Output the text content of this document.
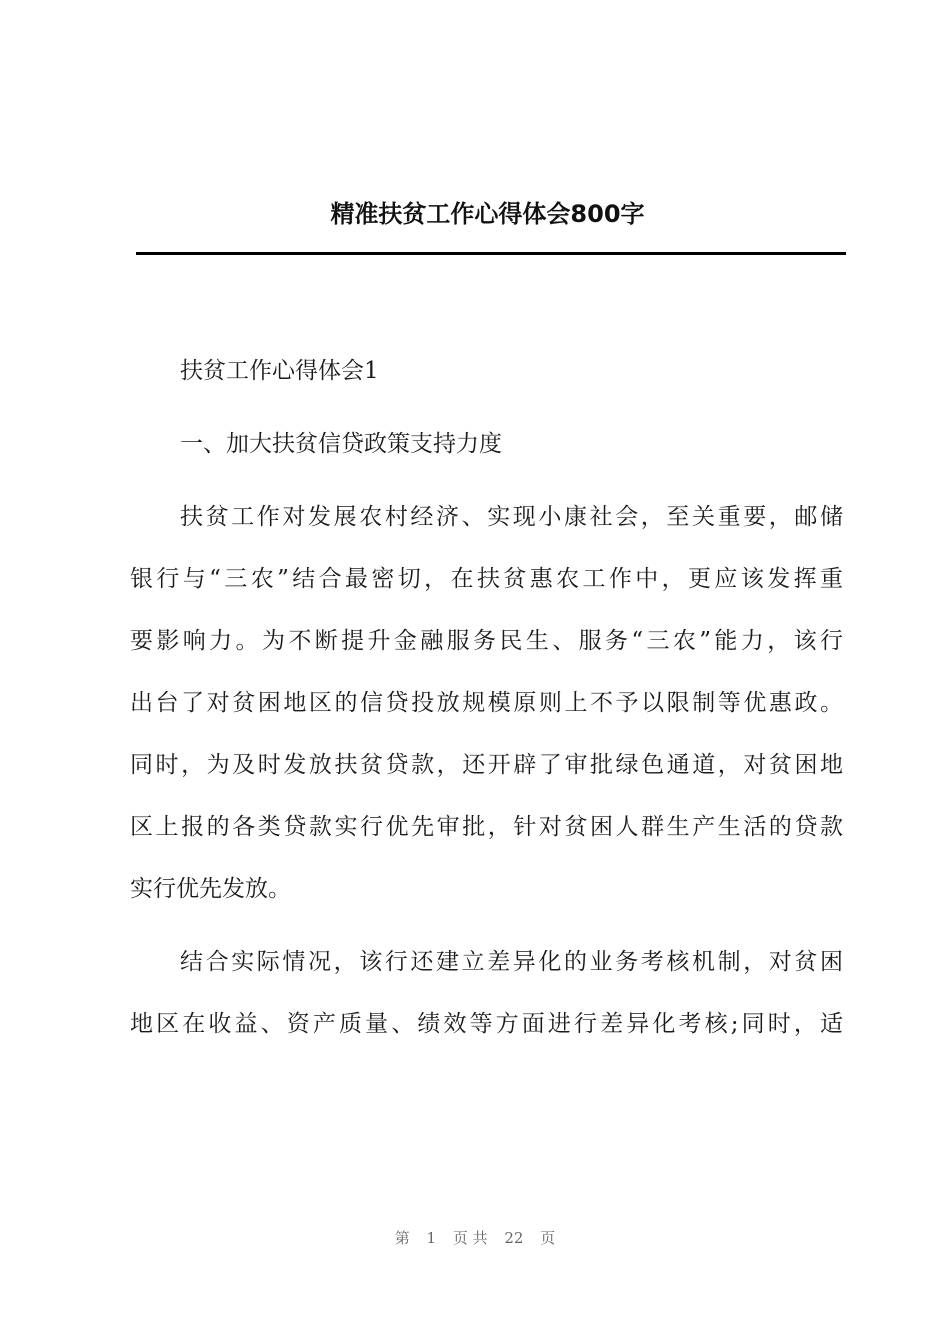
精准扶贫工作心得体会800字
扶贫工作心得体会1
一、加大扶贫信贷政策支持力度
扶贫工作对发展农村经济、实现小康社会，至关重要，邮储
银行与“三农”结合最密切，在扶贫惠农工作中，更应该发挥重
要影响力。为不断提升金融服务民生、服务“三农”能力，该行
出台了对贫困地区的信贷投放规模原则上不予以限制等优惠政。
同时，为及时发放扶贫贷款，还开辟了审批绿色通道，对贫困地
区上报的各类贷款实行优先审批，针对贫困人群生产生活的贷款
实行优先发放。
结合实际情况，该行还建立差异化的业务考核机制，对贫困
地区在收益、资产质量、绩效等方面进行差异化考核;同时，适
第 1 页 共 22 页
